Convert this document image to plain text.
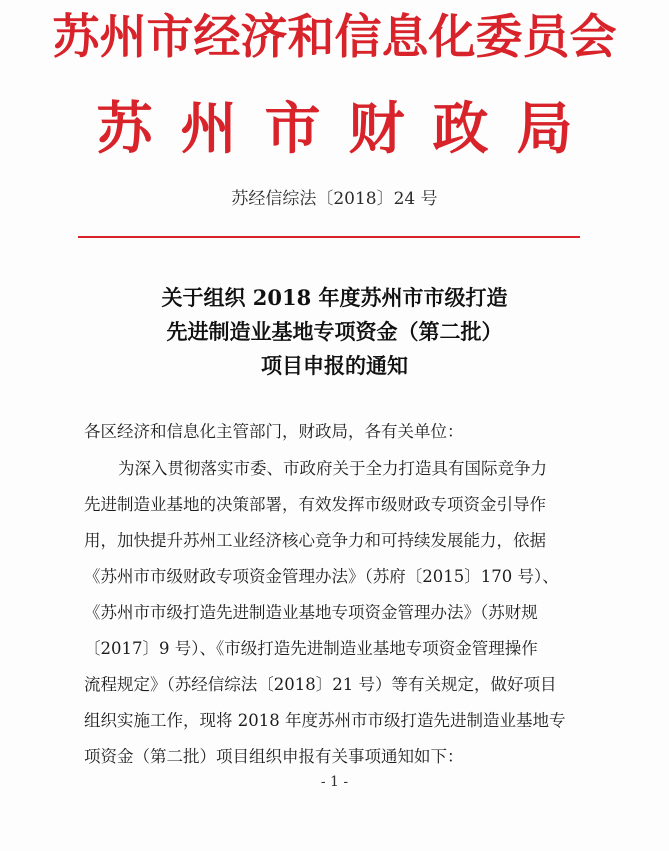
苏州市经济和信息化委员会
苏州市财政局
苏经信综法〔2018〕24 号
关于组织 2018 年度苏州市市级打造
先进制造业基地专项资金（第二批）
项目申报的通知
各区经济和信息化主管部门，财政局，各有关单位：
为深入贯彻落实市委、市政府关于全力打造具有国际竞争力
先进制造业基地的决策部署，有效发挥市级财政专项资金引导作
用，加快提升苏州工业经济核心竞争力和可持续发展能力，依据
《苏州市市级财政专项资金管理办法》（苏府〔2015〕170 号）、
《苏州市市级打造先进制造业基地专项资金管理办法》（苏财规
〔2017〕9 号）、《市级打造先进制造业基地专项资金管理操作
流程规定》（苏经信综法〔2018〕21 号）等有关规定，做好项目
组织实施工作，现将 2018 年度苏州市市级打造先进制造业基地专
项资金（第二批）项目组织申报有关事项通知如下：
- 1 -
